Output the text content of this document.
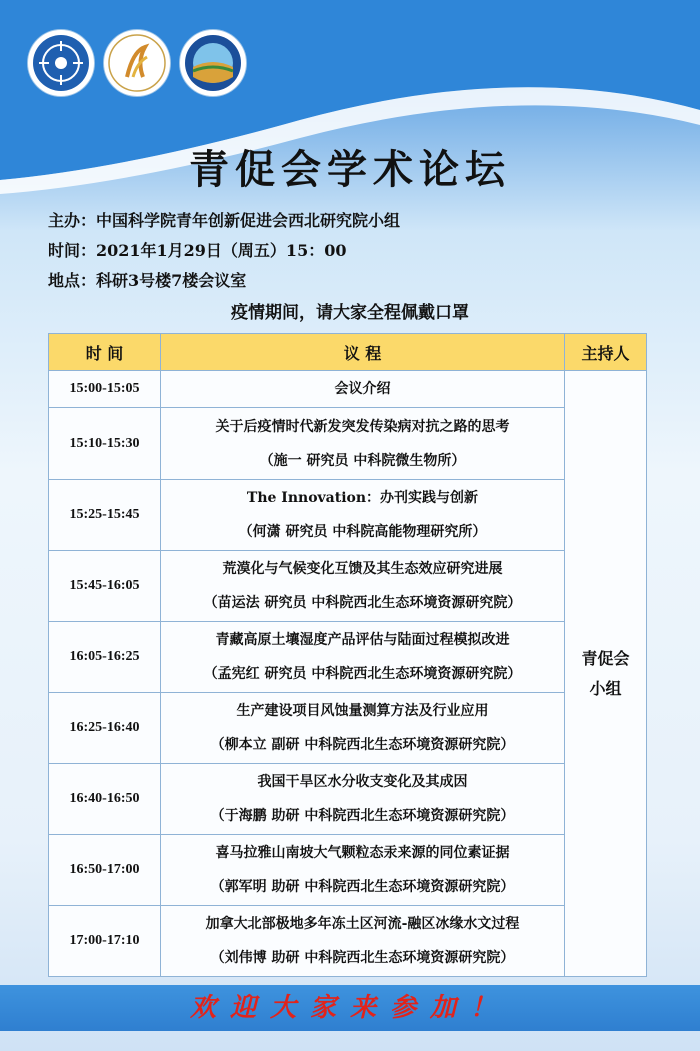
青促会学术论坛
主办：中国科学院青年创新促进会西北研究院小组
时间：2021年1月29日（周五）15：00
地点：科研3号楼7楼会议室
疫情期间，请大家全程佩戴口罩
时 间	议 程	主持人
15:00-15:05	会议介绍	青促会
小组

15:10-15:30	关于后疫情时代新发突发传染病对抗之路的思考
（施一 研究员 中科院微生物所）	

15:25-15:45	The Innovation：办刊实践与创新
（何潇 研究员 中科院高能物理研究所）	

15:45-16:05	荒漠化与气候变化互馈及其生态效应研究进展
（苗运法 研究员 中科院西北生态环境资源研究院）	

16:05-16:25	青藏高原土壤湿度产品评估与陆面过程模拟改进
（孟宪红 研究员 中科院西北生态环境资源研究院）	

16:25-16:40	生产建设项目风蚀量测算方法及行业应用
（柳本立 副研 中科院西北生态环境资源研究院）	

16:40-16:50	我国干旱区水分收支变化及其成因
（于海鹏 助研 中科院西北生态环境资源研究院）	

16:50-17:00	喜马拉雅山南坡大气颗粒态汞来源的同位素证据
（郭军明 助研 中科院西北生态环境资源研究院）	

17:00-17:10	加拿大北部极地多年冻土区河流-融区冰缘水文过程
（刘伟博 助研 中科院西北生态环境资源研究院）	
欢迎大家来参加！
